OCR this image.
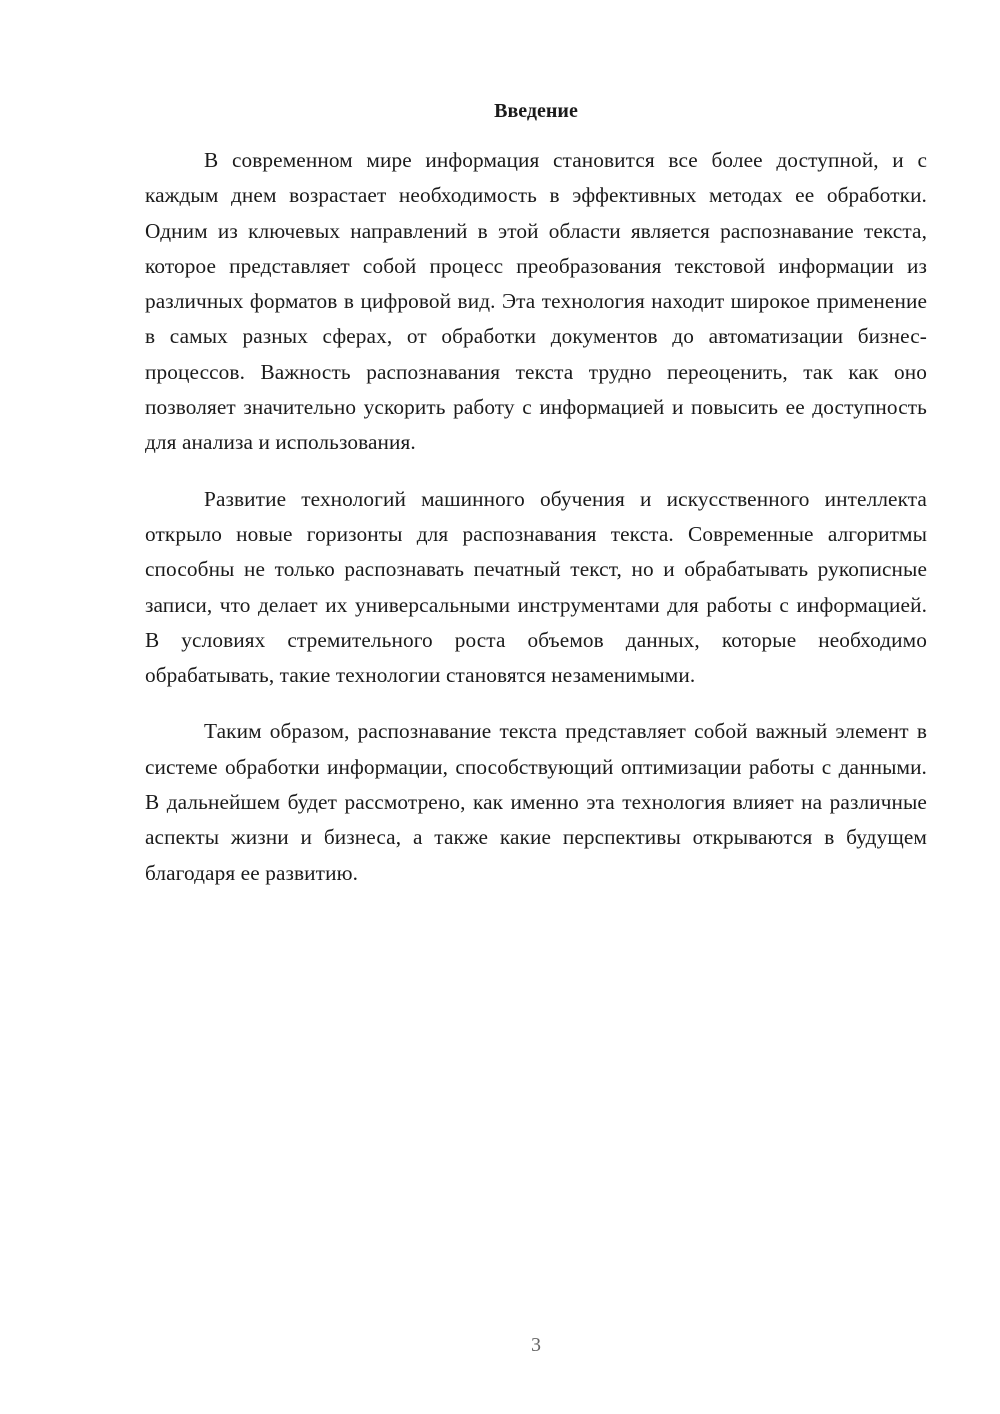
Введение

В современном мире информация становится все более доступной, и с каждым днем возрастает необходимость в эффективных методах ее обработки. Одним из ключевых направлений в этой области является распознавание текста, которое представляет собой процесс преобразования текстовой информации из различных форматов в цифровой вид. Эта технология находит широкое применение в самых разных сферах, от обработки документов до автоматизации бизнес-процессов. Важность распознавания текста трудно переоценить, так как оно позволяет значительно ускорить работу с информацией и повысить ее доступность для анализа и использования.

Развитие технологий машинного обучения и искусственного интеллекта открыло новые горизонты для распознавания текста. Современные алгоритмы способны не только распознавать печатный текст, но и обрабатывать рукописные записи, что делает их универсальными инструментами для работы с информацией. В условиях стремительного роста объемов данных, которые необходимо обрабатывать, такие технологии становятся незаменимыми.

Таким образом, распознавание текста представляет собой важный элемент в системе обработки информации, способствующий оптимизации работы с данными. В дальнейшем будет рассмотрено, как именно эта технология влияет на различные аспекты жизни и бизнеса, а также какие перспективы открываются в будущем благодаря ее развитию.

3
